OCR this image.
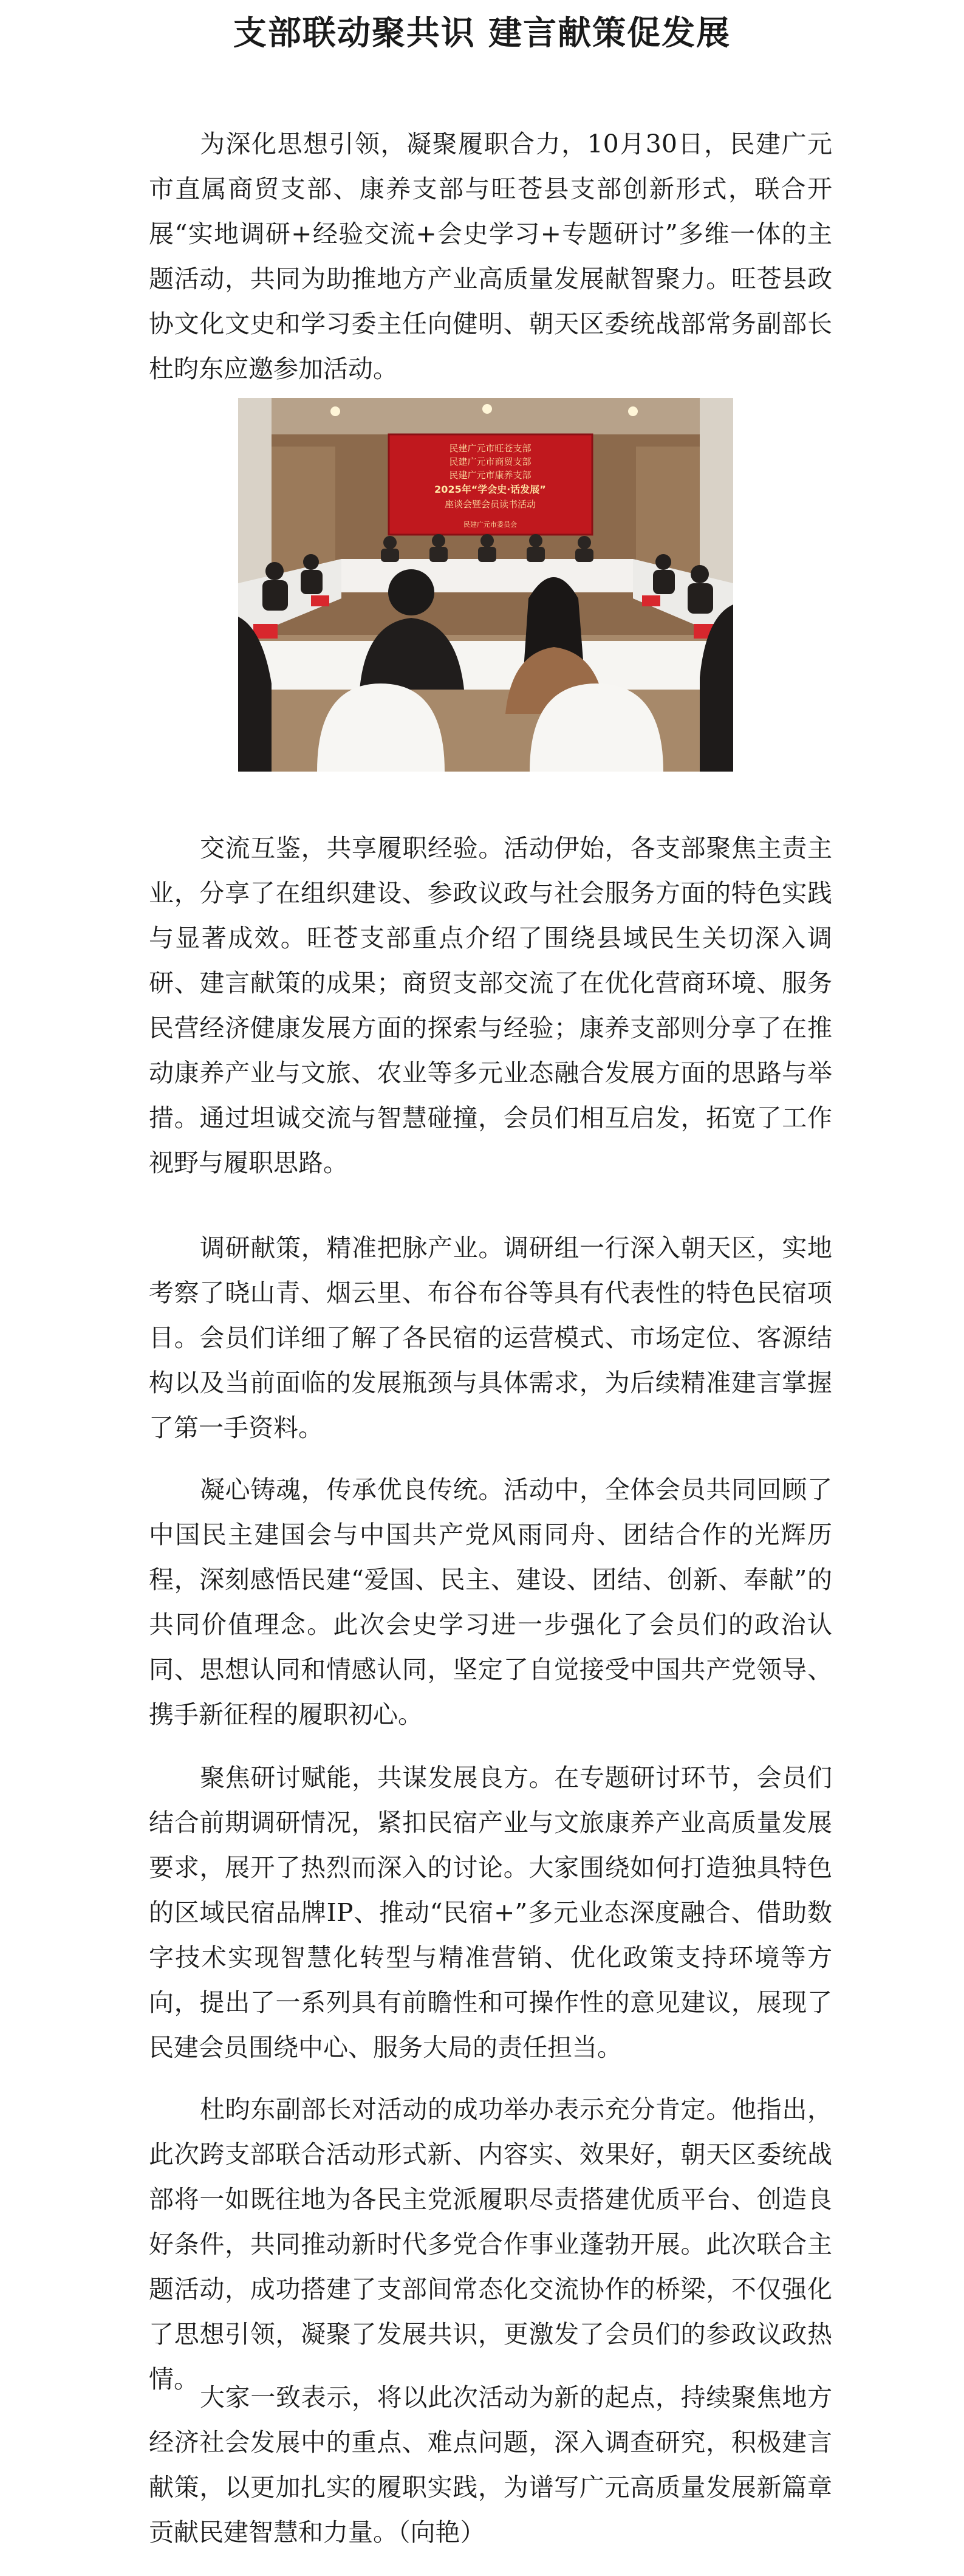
支部联动聚共识 建言献策促发展

为深化思想引领，凝聚履职合力，10月30日，民建广元市直属商贸支部、康养支部与旺苍县支部创新形式，联合开展“实地调研+经验交流+会史学习+专题研讨”多维一体的主题活动，共同为助推地方产业高质量发展献智聚力。旺苍县政协文化文史和学习委主任向健明、朝天区委统战部常务副部长杜昀东应邀参加活动。

民建广元市旺苍支部
民建广元市商贸支部
民建广元市康养支部
2025年“学会史·话发展”
座谈会暨会员读书活动
民建广元市委员会

交流互鉴，共享履职经验。活动伊始，各支部聚焦主责主业，分享了在组织建设、参政议政与社会服务方面的特色实践与显著成效。旺苍支部重点介绍了围绕县域民生关切深入调研、建言献策的成果；商贸支部交流了在优化营商环境、服务民营经济健康发展方面的探索与经验；康养支部则分享了在推动康养产业与文旅、农业等多元业态融合发展方面的思路与举措。通过坦诚交流与智慧碰撞，会员们相互启发，拓宽了工作视野与履职思路。

调研献策，精准把脉产业。调研组一行深入朝天区，实地考察了晓山青、烟云里、布谷布谷等具有代表性的特色民宿项目。会员们详细了解了各民宿的运营模式、市场定位、客源结构以及当前面临的发展瓶颈与具体需求，为后续精准建言掌握了第一手资料。

凝心铸魂，传承优良传统。活动中，全体会员共同回顾了中国民主建国会与中国共产党风雨同舟、团结合作的光辉历程，深刻感悟民建“爱国、民主、建设、团结、创新、奉献”的共同价值理念。此次会史学习进一步强化了会员们的政治认同、思想认同和情感认同，坚定了自觉接受中国共产党领导、携手新征程的履职初心。

聚焦研讨赋能，共谋发展良方。在专题研讨环节，会员们结合前期调研情况，紧扣民宿产业与文旅康养产业高质量发展要求，展开了热烈而深入的讨论。大家围绕如何打造独具特色的区域民宿品牌IP、推动“民宿+”多元业态深度融合、借助数字技术实现智慧化转型与精准营销、优化政策支持环境等方向，提出了一系列具有前瞻性和可操作性的意见建议，展现了民建会员围绕中心、服务大局的责任担当。

杜昀东副部长对活动的成功举办表示充分肯定。他指出，此次跨支部联合活动形式新、内容实、效果好，朝天区委统战部将一如既往地为各民主党派履职尽责搭建优质平台、创造良好条件，共同推动新时代多党合作事业蓬勃开展。此次联合主题活动，成功搭建了支部间常态化交流协作的桥梁，不仅强化了思想引领，凝聚了发展共识，更激发了会员们的参政议政热情。

大家一致表示，将以此次活动为新的起点，持续聚焦地方经济社会发展中的重点、难点问题，深入调查研究，积极建言献策，以更加扎实的履职实践，为谱写广元高质量发展新篇章贡献民建智慧和力量。（向艳）
